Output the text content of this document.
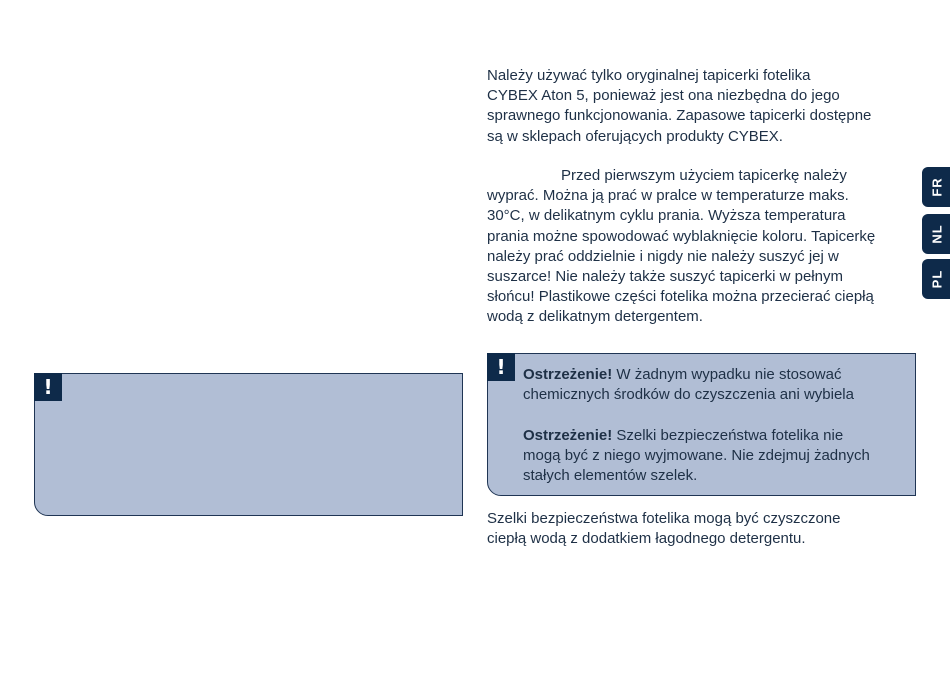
Należy używać tylko oryginalnej tapicerki fotelika
CYBEX Aton 5, ponieważ jest ona niezbędna do jego
sprawnego funkcjonowania. Zapasowe tapicerki dostępne
są w sklepach oferujących produkty CYBEX.
Przed pierwszym użyciem tapicerkę należy
wyprać. Można ją prać w pralce w temperaturze maks.
30°C, w delikatnym cyklu prania. Wyższa temperatura
prania możne spowodować wyblaknięcie koloru. Tapicerkę
należy prać oddzielnie i nigdy nie należy suszyć jej w
suszarce! Nie należy także suszyć tapicerki w pełnym
słońcu! Plastikowe części fotelika można przecierać ciepłą
wodą z delikatnym detergentem.
!
!	Ostrzeżenie! W żadnym wypadku nie stosować
chemicznych środków do czyszczenia ani wybiela
Ostrzeżenie! Szelki bezpieczeństwa fotelika nie
mogą być z niego wyjmowane. Nie zdejmuj żadnych
stałych elementów szelek.
Szelki bezpieczeństwa fotelika mogą być czyszczone
ciepłą wodą z dodatkiem łagodnego detergentu.
FR
NL
PL
